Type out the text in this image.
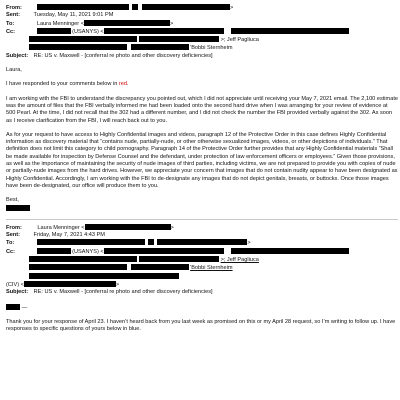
From:	>
Sent: Tuesday, May 11, 2021 9:01 PM
To:	Laura Menninger <	>
Cc:	(USANYS) <
>; Jeff Pagliuca
'Bobbi Sternheim
Subject: RE: US v. Maxwell - [conferral re photo and other discovery deficiencies]
Laura,
I have responded to your comments below in red.
I am working with the FBI to understand the discrepancy you pointed out, which I did not appreciate until receiving your May 7, 2021 email. The 2,100 estimate was the amount of files that the FBI verbally informed me had been loaded onto the second hard drive when I was arranging for your review of evidence at 500 Pearl. At the time, I did not recall that the 302 had a different number, and I did not check the number the FBI provided verbally against the 302. As soon as I receive clarification from the FBI, I will reach back out to you.
As for your request to have access to Highly Confidential images and videos, paragraph 12 of the Protective Order in this case defines Highly Confidential information as discovery material that “contains nude, partially-nude, or other otherwise sexualized images, videos, or other depictions of individuals.” That definition does not limit this category to child pornography. Paragraph 14 of the Protective Order further provides that any Highly Confidential materials “Shall be made available for inspection by Defense Counsel and the defendant, under protection of law enforcement officers or employees.” Given those provisions, as well as the importance of maintaining the security of nude images of third parties, including victims, we are not prepared to provide you with copies of nude or partially-nude images from the hard drives. However, we appreciate your concern that images that do not contain nudity appear to have been designated as Highly Confidential. Accordingly, I am working with the FBI to de-designate any images that do not depict genitals, breasts, or buttocks. Once those images have been de-designated, our office will produce them to you.
Best,
From:	Laura Menninger <	>
Sent: Friday, May 7, 2021 4:43 PM
To:	>
Cc:	(USANYS) <
>; Jeff Pagliuca
'Bobbi Sternheim
(CIV) <	>
Subject: RE: US v. Maxwell - [conferral re photo and other discovery deficiencies]
—
Thank you for your response of April 23. I haven’t heard back from you last week as promised on this or my April 28 request, so I’m writing to follow up. I have responses to specific questions of yours below in blue.
